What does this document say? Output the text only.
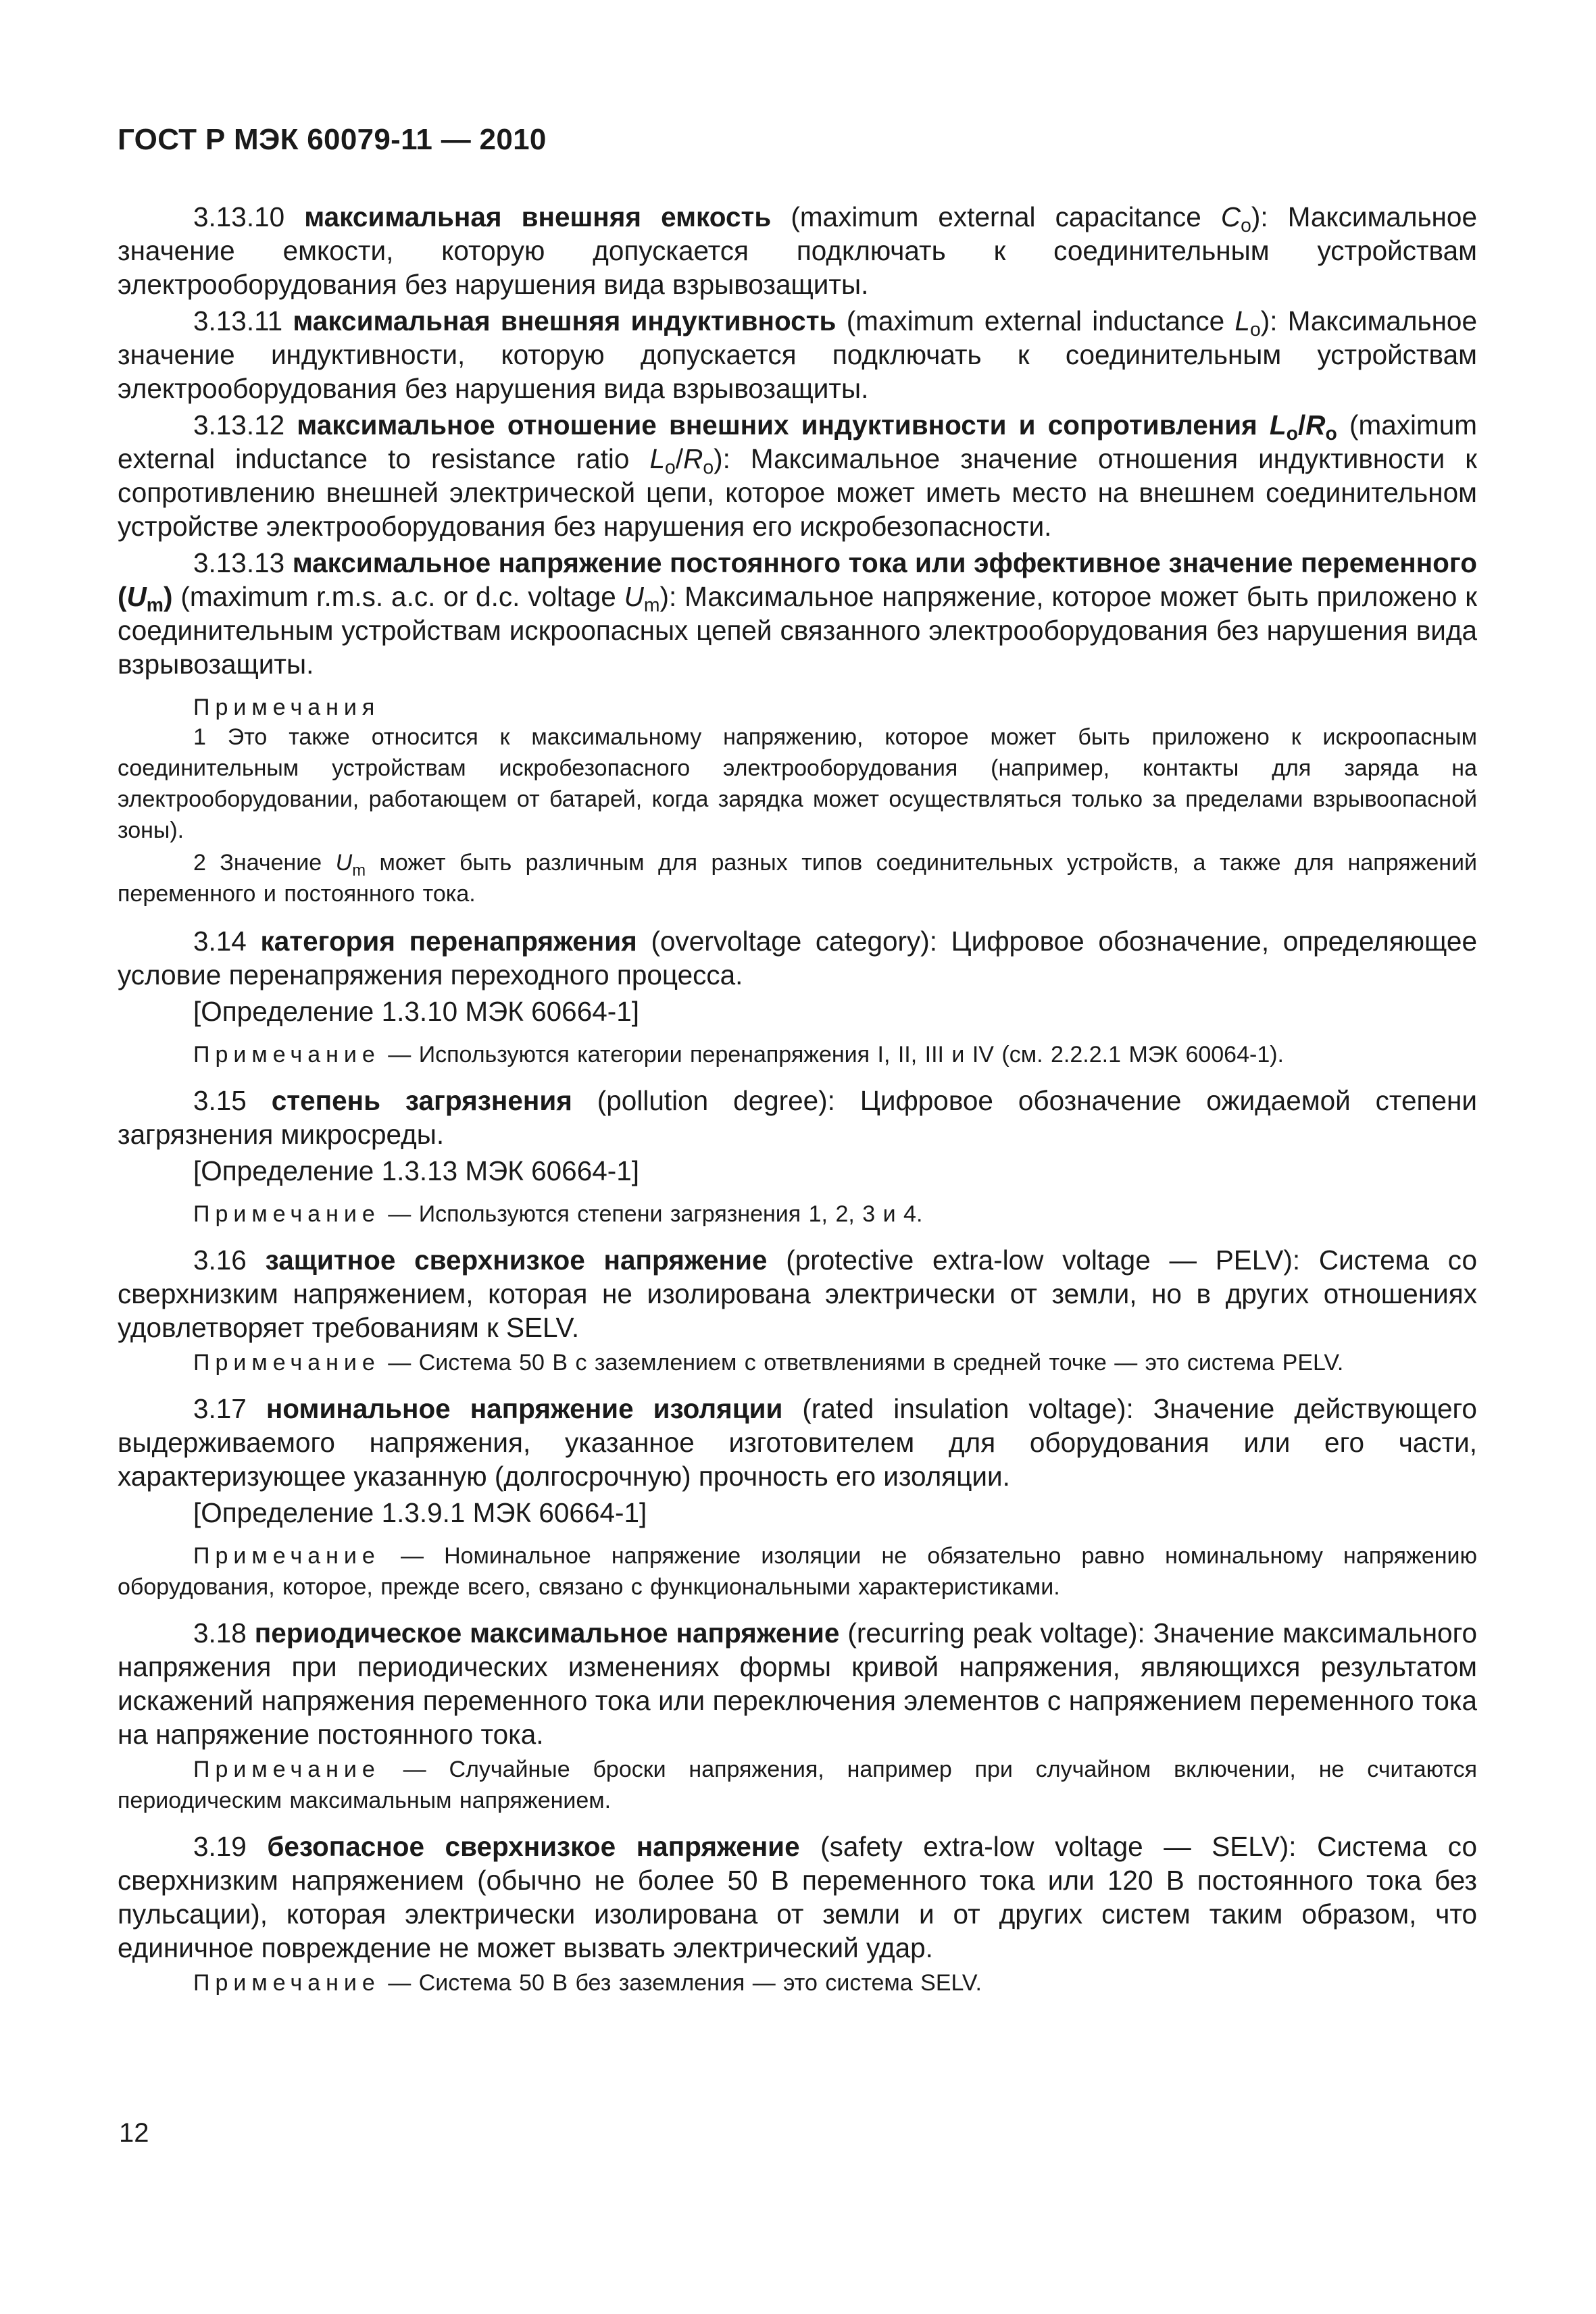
ГОСТ Р МЭК 60079-11 — 2010

3.13.10 максимальная внешняя емкость (maximum external capacitance $C_o$): Максимальное значение емкости, которую допускается подключать к соединительным устройствам электрооборудования без нарушения вида взрывозащиты.

3.13.11 максимальная внешняя индуктивность (maximum external inductance $L_o$): Максимальное значение индуктивности, которую допускается подключать к соединительным устройствам электрооборудования без нарушения вида взрывозащиты.

3.13.12 максимальное отношение внешних индуктивности и сопротивления $L_o/R_o$ (maximum external inductance to resistance ratio $L_o/R_o$): Максимальное значение отношения индуктивности к сопротивлению внешней электрической цепи, которое может иметь место на внешнем соединительном устройстве электрооборудования без нарушения его искробезопасности.

3.13.13 максимальное напряжение постоянного тока или эффективное значение переменного $(U_m)$ (maximum r.m.s. a.c. or d.c. voltage $U_m$): Максимальное напряжение, которое может быть приложено к соединительным устройствам искроопасных цепей связанного электрооборудования без нарушения вида взрывозащиты.

Примечания

1 Это также относится к максимальному напряжению, которое может быть приложено к искроопасным соединительным устройствам искробезопасного электрооборудования (например, контакты для заряда на электрооборудовании, работающем от батарей, когда зарядка может осуществляться только за пределами взрывоопасной зоны).

2 Значение $U_m$ может быть различным для разных типов соединительных устройств, а также для напряжений переменного и постоянного тока.

3.14 категория перенапряжения (overvoltage category): Цифровое обозначение, определяющее условие перенапряжения переходного процесса.

[Определение 1.3.10 МЭК 60664-1]

Примечание — Используются категории перенапряжения I, II, III и IV (см. 2.2.2.1 МЭК 60064-1).

3.15 степень загрязнения (pollution degree): Цифровое обозначение ожидаемой степени загрязнения микросреды.

[Определение 1.3.13 МЭК 60664-1]

Примечание — Используются степени загрязнения 1, 2, 3 и 4.

3.16 защитное сверхнизкое напряжение (protective extra-low voltage — PELV): Система со сверхнизким напряжением, которая не изолирована электрически от земли, но в других отношениях удовлетворяет требованиям к SELV.

Примечание — Система 50 В с заземлением с ответвлениями в средней точке — это система PELV.

3.17 номинальное напряжение изоляции (rated insulation voltage): Значение действующего выдерживаемого напряжения, указанное изготовителем для оборудования или его части, характеризующее указанную (долгосрочную) прочность его изоляции.

[Определение 1.3.9.1 МЭК 60664-1]

Примечание — Номинальное напряжение изоляции не обязательно равно номинальному напряжению оборудования, которое, прежде всего, связано с функциональными характеристиками.

3.18 периодическое максимальное напряжение (recurring peak voltage): Значение максимального напряжения при периодических изменениях формы кривой напряжения, являющихся результатом искажений напряжения переменного тока или переключения элементов с напряжением переменного тока на напряжение постоянного тока.

Примечание — Случайные броски напряжения, например при случайном включении, не считаются периодическим максимальным напряжением.

3.19 безопасное сверхнизкое напряжение (safety extra-low voltage — SELV): Система со сверхнизким напряжением (обычно не более 50 В переменного тока или 120 В постоянного тока без пульсации), которая электрически изолирована от земли и от других систем таким образом, что единичное повреждение не может вызвать электрический удар.

Примечание — Система 50 В без заземления — это система SELV.

12
